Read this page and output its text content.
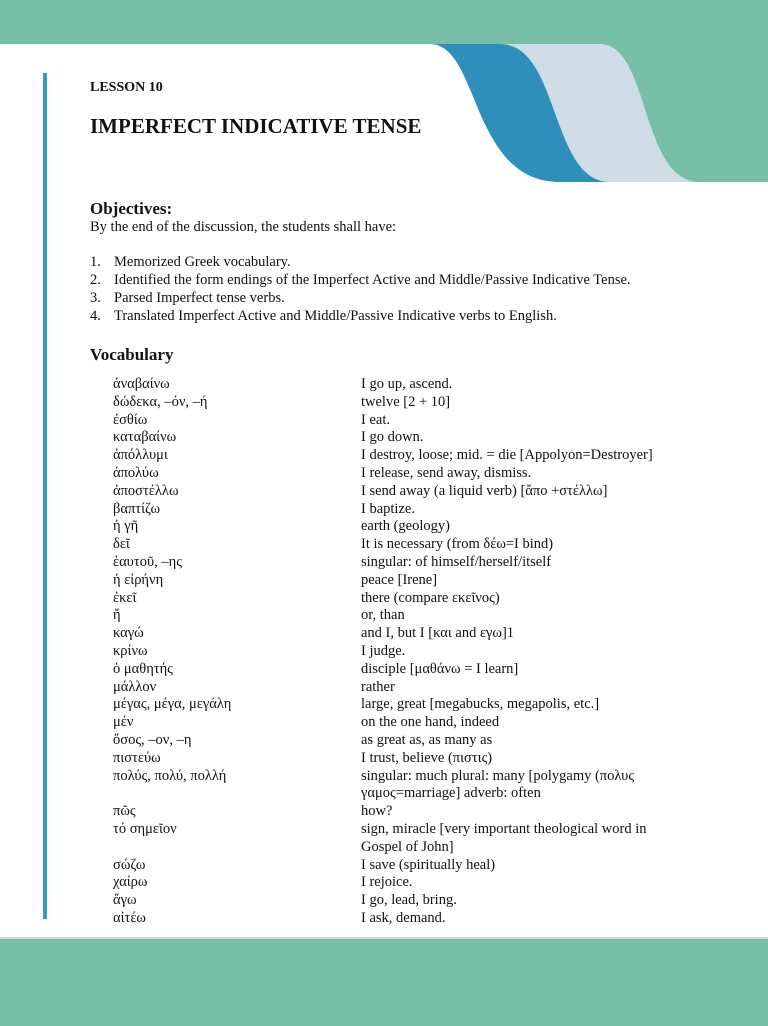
LESSON 10
IMPERFECT INDICATIVE TENSE
Objectives:
By the end of the discussion, the students shall have:
1. Memorized Greek vocabulary.
2. Identified the form endings of the Imperfect Active and Middle/Passive Indicative Tense.
3. Parsed Imperfect tense verbs.
4. Translated Imperfect Active and Middle/Passive Indicative verbs to English.
Vocabulary
ἀναβαίνω	I go up, ascend.
δώδεκα, –όν, –ή	twelve [2 + 10]
ἐσθίω	I eat.
καταβαίνω	I go down.
ἀπόλλυμι	I destroy, loose; mid. = die [Appolyon=Destroyer]
ἀπολύω	I release, send away, dismiss.
ἀποστέλλω	I send away (a liquid verb) [ἄπο +στέλλω]
βαπτίζω	I baptize.
ἡ γῆ	earth (geology)
δεῖ	It is necessary (from δέω=I bind)
ἑαυτοῦ, –ης	singular: of himself/herself/itself
ἡ εἰρήνη	peace [Irene]
ἐκεῖ	there (compare εκεῖνος)
ἤ	or, than
καγώ	and I, but I [και and εγω]1
κρίνω	I judge.
ὁ μαθητής	disciple [μαθάνω = I learn]
μάλλον	rather
μέγας, μέγα, μεγάλη	large, great [megabucks, megapolis, etc.]
μέν	on the one hand, indeed
ὅσος, –ον, –η	as great as, as many as
πιστεύω	I trust, believe (πιστις)
πολύς, πολύ, πολλή	singular: much plural: many [polygamy (πολυς γαμος=marriage] adverb: often
πῶς	how?
τό σημεῖον	sign, miracle [very important theological word in Gospel of John]
σώζω	I save (spiritually heal)
χαίρω	I rejoice.
ἄγω	I go, lead, bring.
αἰτέω	I ask, demand.
